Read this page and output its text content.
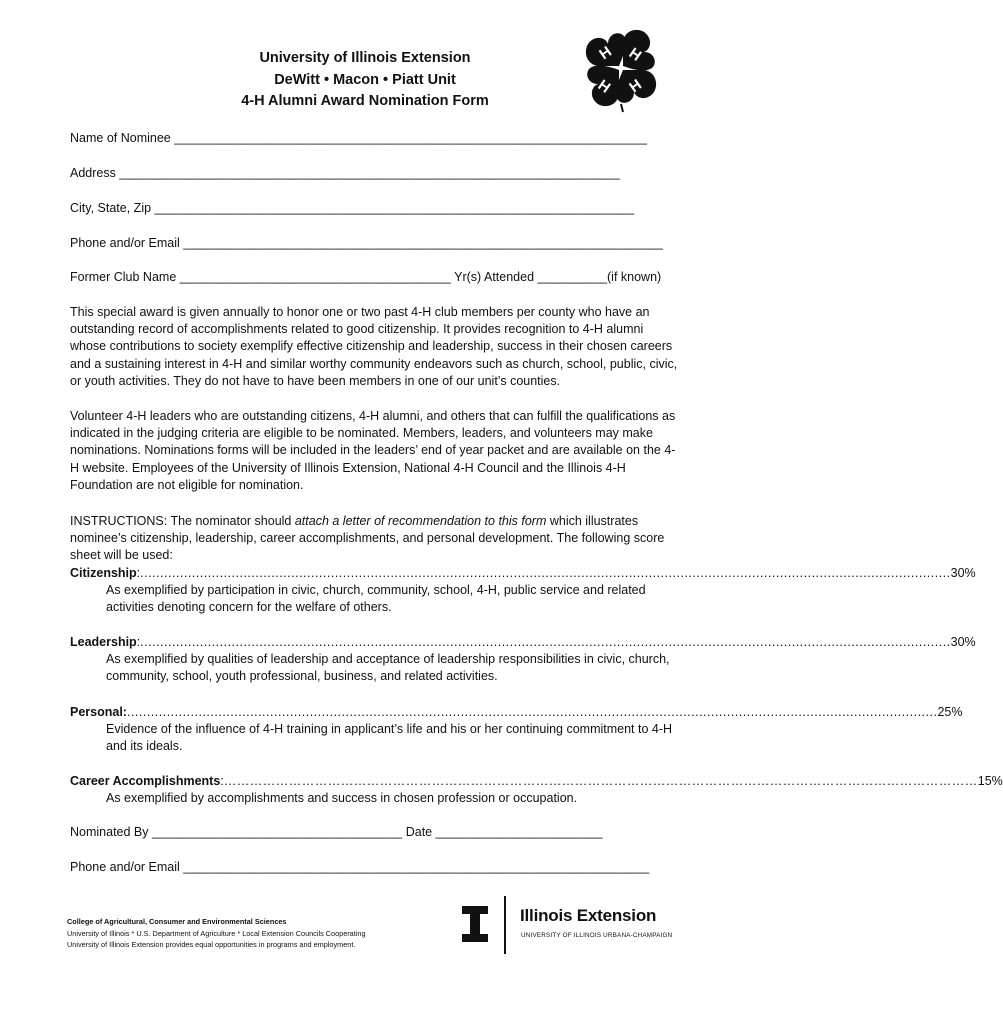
University of Illinois Extension
DeWitt • Macon • Piatt Unit
4-H Alumni Award Nomination Form
H H
H
H
Name of Nominee ____________________________________________________________________
Address ________________________________________________________________________
City, State, Zip _____________________________________________________________________
Phone and/or Email _____________________________________________________________________
Former Club Name _______________________________________ Yr(s) Attended __________(if known)

This special award is given annually to honor one or two past 4-H club members per county who have an outstanding record of accomplishments related to good citizenship. It provides recognition to 4-H alumni whose contributions to society exemplify effective citizenship and leadership, success in their chosen careers and a sustaining interest in 4-H and similar worthy community endeavors such as church, school, public, civic, or youth activities. They do not have to have been members in one of our unit’s counties.

Volunteer 4-H leaders who are outstanding citizens, 4-H alumni, and others that can fulfill the qualifications as indicated in the judging criteria are eligible to be nominated. Members, leaders, and volunteers may make nominations. Nominations forms will be included in the leaders’ end of year packet and are available on the 4-H website. Employees of the University of Illinois Extension, National 4-H Council and the Illinois 4-H Foundation are not eligible for nomination.

INSTRUCTIONS: The nominator should attach a letter of recommendation to this form which illustrates nominee’s citizenship, leadership, career accomplishments, and personal development. The following score sheet will be used:

Citizenship : ............................................................................................................................................................................................................ 30%
As exemplified by participation in civic, church, community, school, 4-H, public service and related activities denoting concern for the welfare of others.
Leadership : ............................................................................................................................................................................................................ 30%
As exemplified by qualities of leadership and acceptance of leadership responsibilities in civic, church, community, school, youth professional, business, and related activities.
Personal: ............................................................................................................................................................................................................ 25%
Evidence of the influence of 4-H training in applicant’s life and his or her continuing commitment to 4-H and its ideals.
Career Accomplishments : ………………………………………………………………………………………………………………………………………………………… 15%
As exemplified by accomplishments and success in chosen profession or occupation.
Nominated By ____________________________________ Date ________________________
Phone and/or Email ___________________________________________________________________
College of Agricultural, Consumer and Environmental Sciences
University of Illinois * U.S. Department of Agriculture * Local Extension Councils Cooperating
University of Illinois Extension provides equal opportunities in programs and employment.
Illinois Extension
UNIVERSITY OF ILLINOIS URBANA-CHAMPAIGN
